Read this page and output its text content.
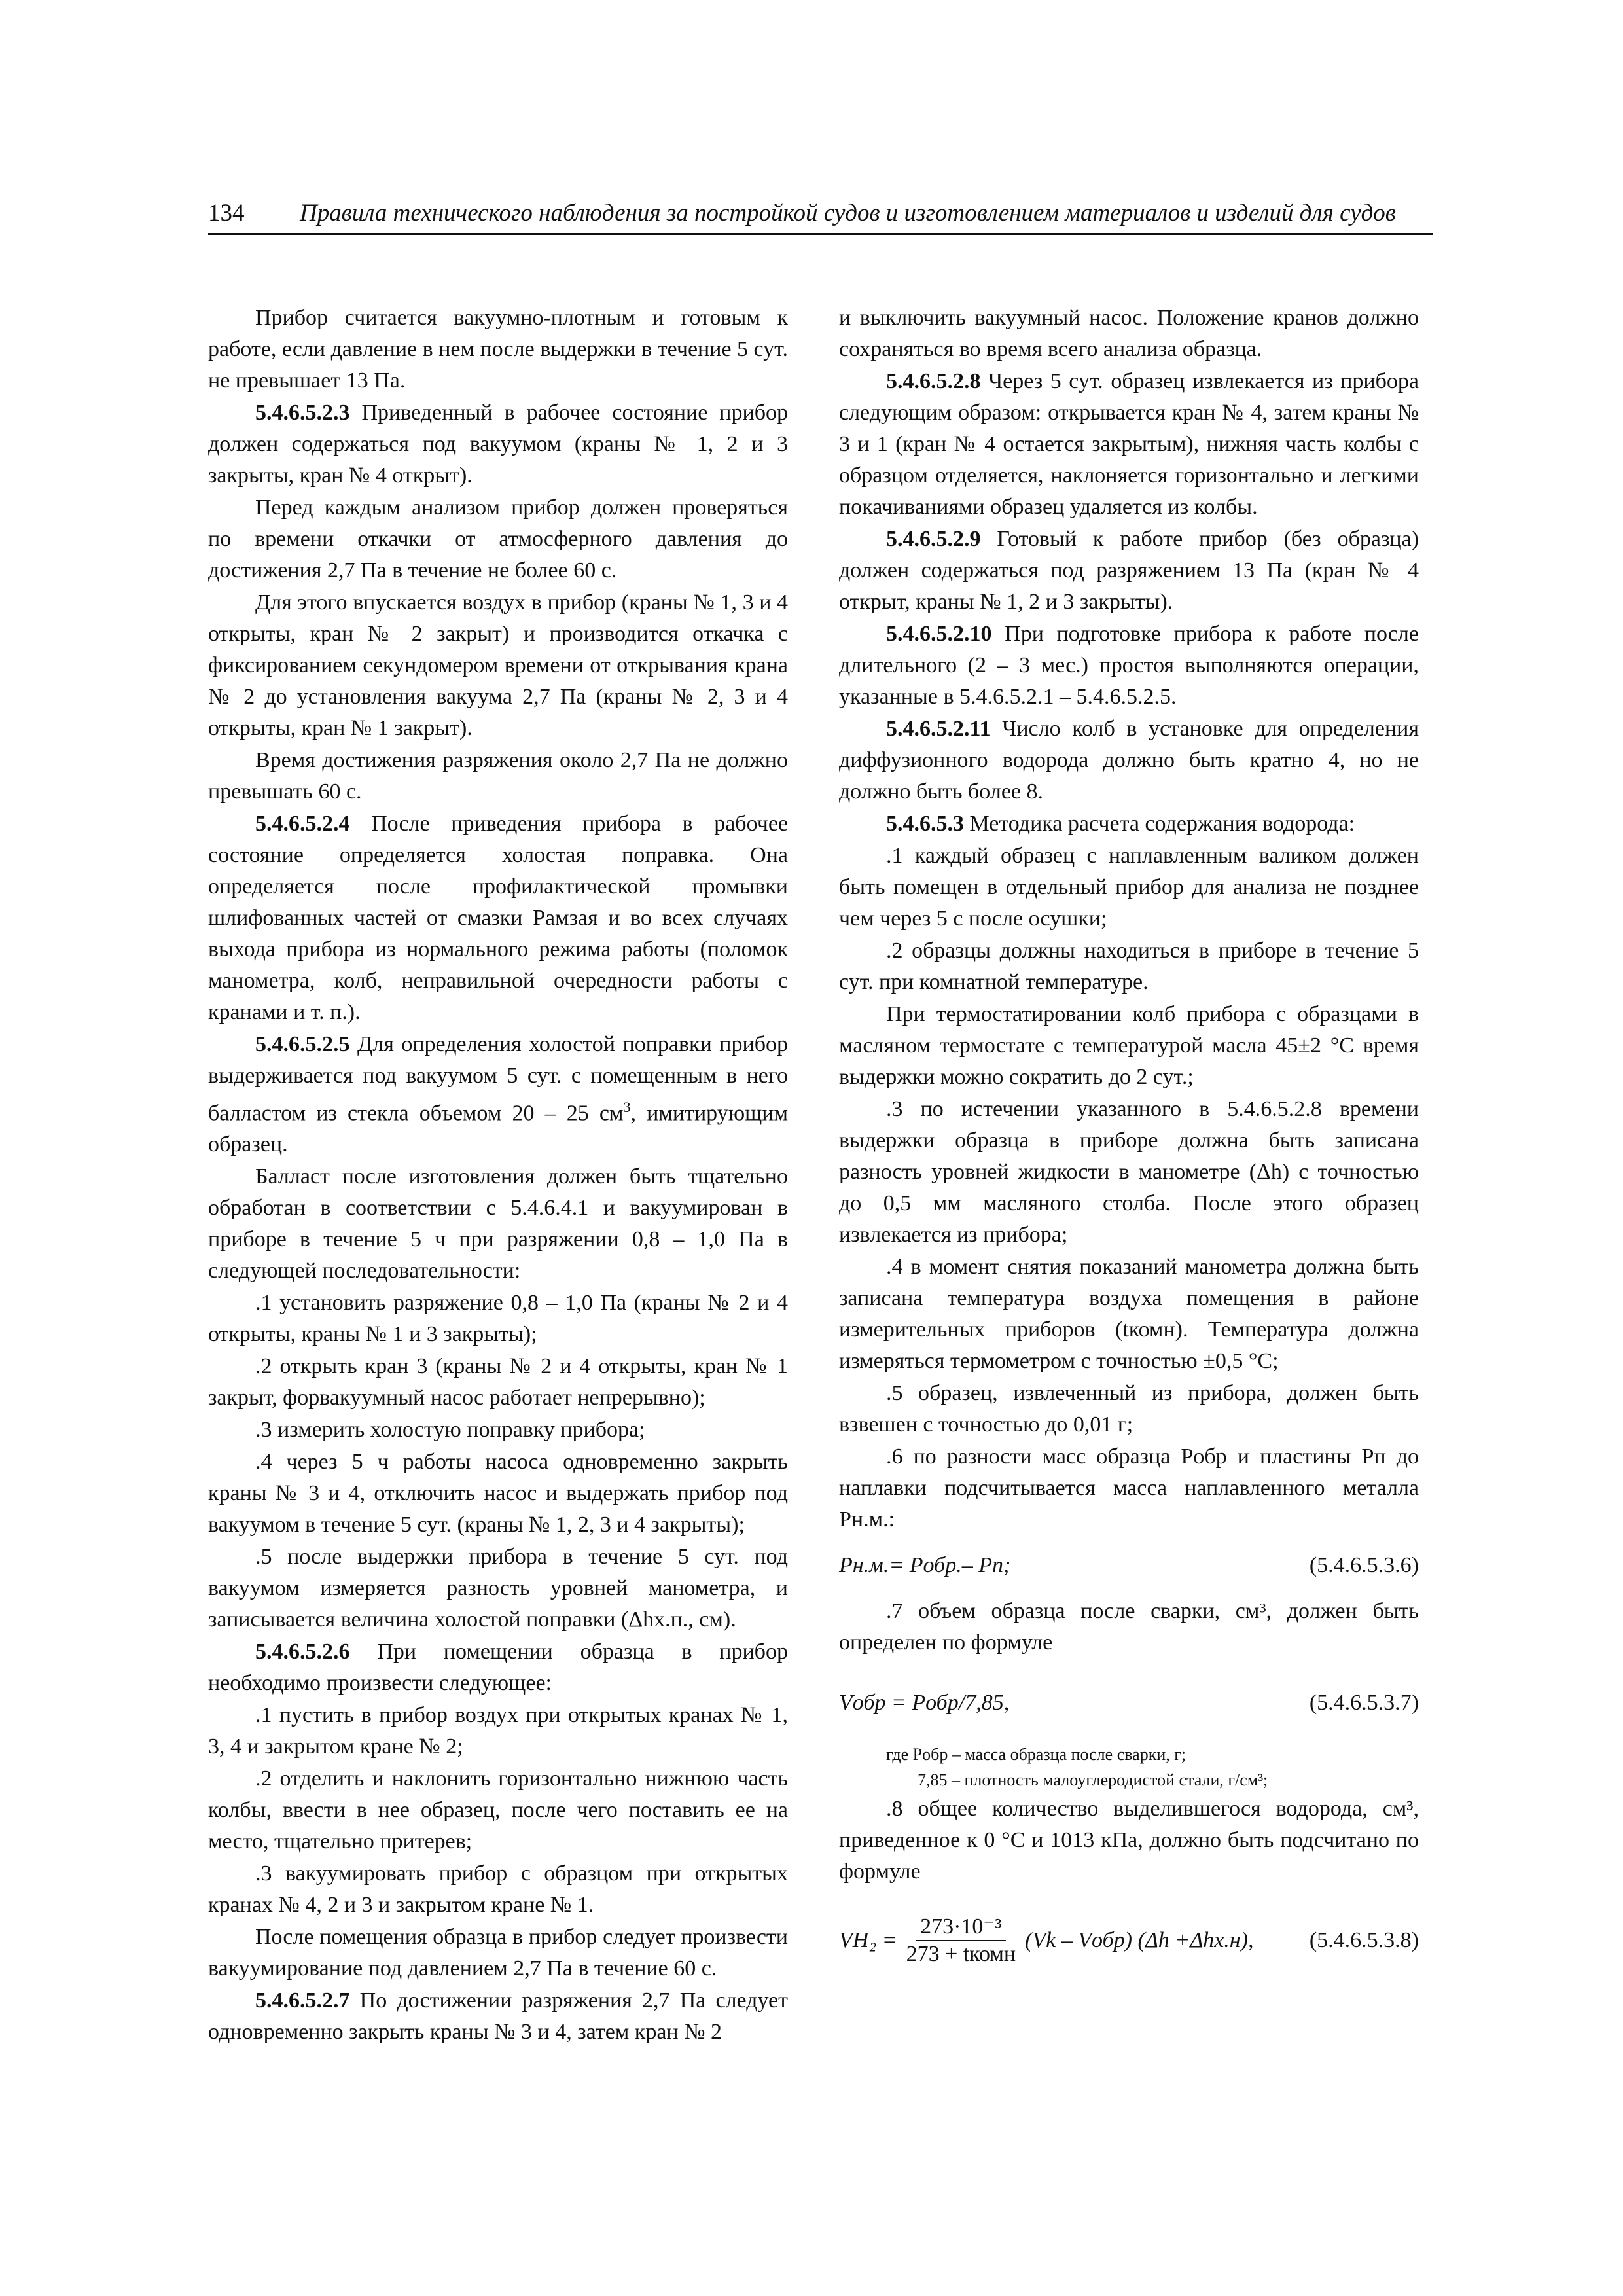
134 Правила технического наблюдения за постройкой судов и изготовлением материалов и изделий для судов

Прибор считается вакуумно-плотным и готовым к работе, если давление в нем после выдержки в течение 5 сут. не превышает 13 Па.

5.4.6.5.2.3 Приведенный в рабочее состояние прибор должен содержаться под вакуумом (краны № 1, 2 и 3 закрыты, кран № 4 открыт).

Перед каждым анализом прибор должен проверяться по времени откачки от атмосферного давления до достижения 2,7 Па в течение не более 60 с.

Для этого впускается воздух в прибор (краны № 1, 3 и 4 открыты, кран № 2 закрыт) и производится откачка с фиксированием секундомером времени от открывания крана № 2 до установления вакуума 2,7 Па (краны № 2, 3 и 4 открыты, кран № 1 закрыт).

Время достижения разряжения около 2,7 Па не должно превышать 60 с.

5.4.6.5.2.4 После приведения прибора в рабочее состояние определяется холостая поправка. Она определяется после профилактической промывки шлифованных частей от смазки Рамзая и во всех случаях выхода прибора из нормального режима работы (поломок манометра, колб, неправильной очередности работы с кранами и т. п.).

5.4.6.5.2.5 Для определения холостой поправки прибор выдерживается под вакуумом 5 сут. с помещенным в него балластом из стекла объемом 20 – 25 $см^3$, имитирующим образец.

Балласт после изготовления должен быть тщательно обработан в соответствии с 5.4.6.4.1 и вакуумирован в приборе в течение 5 ч при разряжении 0,8 – 1,0 Па в следующей последовательности:

.1 установить разряжение 0,8 – 1,0 Па (краны № 2 и 4 открыты, краны № 1 и 3 закрыты);

.2 открыть кран 3 (краны № 2 и 4 открыты, кран № 1 закрыт, форвакуумный насос работает непрерывно);

.3 измерить холостую поправку прибора;

.4 через 5 ч работы насоса одновременно закрыть краны № 3 и 4, отключить насос и выдержать прибор под вакуумом в течение 5 сут. (краны № 1, 2, 3 и 4 закрыты);

.5 после выдержки прибора в течение 5 сут. под вакуумом измеряется разность уровней манометра, и записывается величина холостой поправки (Δhх.п., см).

5.4.6.5.2.6 При помещении образца в прибор необходимо произвести следующее:

.1 пустить в прибор воздух при открытых кранах № 1, 3, 4 и закрытом кране № 2;

.2 отделить и наклонить горизонтально нижнюю часть колбы, ввести в нее образец, после чего поставить ее на место, тщательно притерев;

.3 вакуумировать прибор с образцом при открытых кранах № 4, 2 и 3 и закрытом кране № 1.

После помещения образца в прибор следует произвести вакуумирование под давлением 2,7 Па в течение 60 с.

5.4.6.5.2.7 По достижении разряжения 2,7 Па следует одновременно закрыть краны № 3 и 4, затем кран № 2

и выключить вакуумный насос. Положение кранов должно сохраняться во время всего анализа образца.

5.4.6.5.2.8 Через 5 сут. образец извлекается из прибора следующим образом: открывается кран № 4, затем краны № 3 и 1 (кран № 4 остается закрытым), нижняя часть колбы с образцом отделяется, наклоняется горизонтально и легкими покачиваниями образец удаляется из колбы.

5.4.6.5.2.9 Готовый к работе прибор (без образца) должен содержаться под разряжением 13 Па (кран № 4 открыт, краны № 1, 2 и 3 закрыты).

5.4.6.5.2.10 При подготовке прибора к работе после длительного (2 – 3 мес.) простоя выполняются операции, указанные в 5.4.6.5.2.1 – 5.4.6.5.2.5.

5.4.6.5.2.11 Число колб в установке для определения диффузионного водорода должно быть кратно 4, но не должно быть более 8.

5.4.6.5.3 Методика расчета содержания водорода:

.1 каждый образец с наплавленным валиком должен быть помещен в отдельный прибор для анализа не позднее чем через 5 с после осушки;

.2 образцы должны находиться в приборе в течение 5 сут. при комнатной температуре.

При термостатировании колб прибора с образцами в масляном термостате с температурой масла 45±2 °С время выдержки можно сократить до 2 сут.;

.3 по истечении указанного в 5.4.6.5.2.8 времени выдержки образца в приборе должна быть записана разность уровней жидкости в манометре (Δh) с точностью до 0,5 мм масляного столба. После этого образец извлекается из прибора;

.4 в момент снятия показаний манометра должна быть записана температура воздуха помещения в районе измерительных приборов (tкомн). Температура должна измеряться термометром с точностью ±0,5 °С;

.5 образец, извлеченный из прибора, должен быть взвешен с точностью до 0,01 г;

.6 по разности масс образца Pобр и пластины Pп до наплавки подсчитывается масса наплавленного металла Pн.м.:

Pн.м.= Pобр.– Pп;	(5.4.6.5.3.6)

.7 объем образца после сварки, см³, должен быть определен по формуле

Vобр = Pобр/7,85,	(5.4.6.5.3.7)

где Pобр – масса образца после сварки, г;

7,85 – плотность малоуглеродистой стали, г/см³;

.8 общее количество выделившегося водорода, см³, приведенное к 0 °С и 1013 кПа, должно быть подсчитано по формуле

$VH_2 = \frac{\text{273·10⁻³}}{\text{273 + tкомн}} (Vk$ – Vобр) (Δh +Δhх.н),	(5.4.6.5.3.8)
